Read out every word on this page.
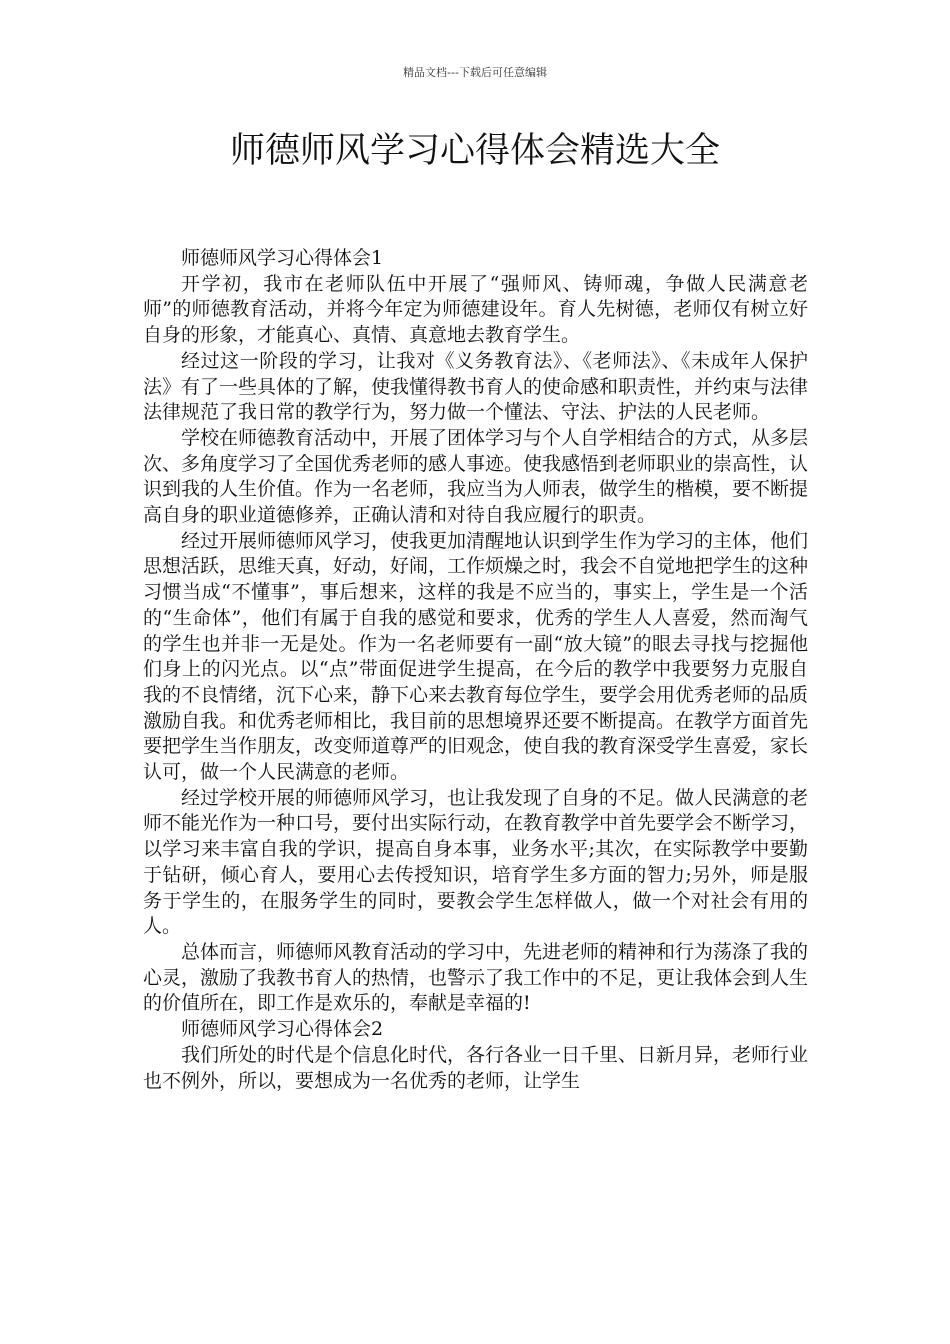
精品文档---下载后可任意编辑
师德师风学习心得体会精选大全

师德师风学习心得体会1

开学初，我市在老师队伍中开展了“强师风、铸师魂，争做人民满意老师”的师德教育活动，并将今年定为师德建设年。育人先树德，老师仅有树立好自身的形象，才能真心、真情、真意地去教育学生。

经过这一阶段的学习，让我对《义务教育法》、《老师法》、《未成年人保护法》有了一些具体的了解，使我懂得教书育人的使命感和职责性，并约束与法律法律规范了我日常的教学行为，努力做一个懂法、守法、护法的人民老师。

学校在师德教育活动中，开展了团体学习与个人自学相结合的方式，从多层次、多角度学习了全国优秀老师的感人事迹。使我感悟到老师职业的崇高性，认识到我的人生价值。作为一名老师，我应当为人师表，做学生的楷模，要不断提高自身的职业道德修养，正确认清和对待自我应履行的职责。

经过开展师德师风学习，使我更加清醒地认识到学生作为学习的主体，他们思想活跃，思维天真，好动，好闹，工作烦燥之时，我会不自觉地把学生的这种习惯当成“不懂事”，事后想来，这样的我是不应当的，事实上，学生是一个活的“生命体”，他们有属于自我的感觉和要求，优秀的学生人人喜爱，然而淘气的学生也并非一无是处。作为一名老师要有一副“放大镜”的眼去寻找与挖掘他们身上的闪光点。以“点”带面促进学生提高，在今后的教学中我要努力克服自我的不良情绪，沉下心来，静下心来去教育每位学生，要学会用优秀老师的品质激励自我。和优秀老师相比，我目前的思想境界还要不断提高。在教学方面首先要把学生当作朋友，改变师道尊严的旧观念，使自我的教育深受学生喜爱，家长认可，做一个人民满意的老师。

经过学校开展的师德师风学习，也让我发现了自身的不足。做人民满意的老师不能光作为一种口号，要付出实际行动，在教育教学中首先要学会不断学习，以学习来丰富自我的学识，提高自身本事，业务水平;其次，在实际教学中要勤于钻研，倾心育人，要用心去传授知识，培育学生多方面的智力;另外，师是服务于学生的，在服务学生的同时，要教会学生怎样做人，做一个对社会有用的人。

总体而言，师德师风教育活动的学习中，先进老师的精神和行为荡涤了我的心灵，激励了我教书育人的热情，也警示了我工作中的不足，更让我体会到人生的价值所在，即工作是欢乐的，奉献是幸福的!

师德师风学习心得体会2

我们所处的时代是个信息化时代，各行各业一日千里、日新月异，老师行业也不例外，所以，要想成为一名优秀的老师，让学生
